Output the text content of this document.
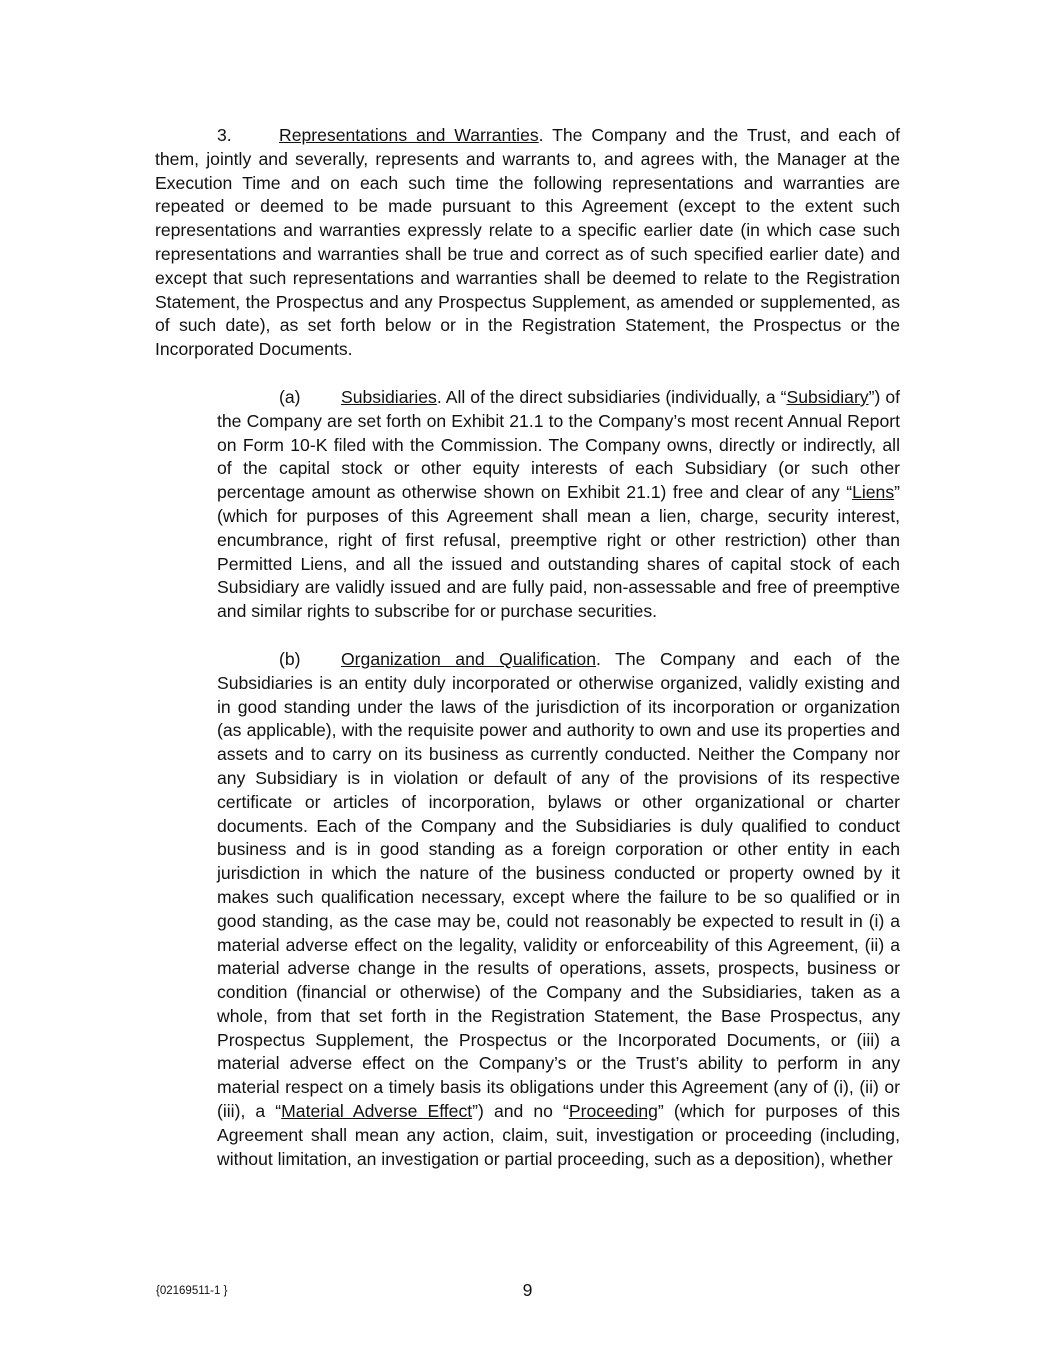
3.	Representations and Warranties. The Company and the Trust, and each of them, jointly and severally, represents and warrants to, and agrees with, the Manager at the Execution Time and on each such time the following representations and warranties are repeated or deemed to be made pursuant to this Agreement (except to the extent such representations and warranties expressly relate to a specific earlier date (in which case such representations and warranties shall be true and correct as of such specified earlier date) and except that such representations and warranties shall be deemed to relate to the Registration Statement, the Prospectus and any Prospectus Supplement, as amended or supplemented, as of such date), as set forth below or in the Registration Statement, the Prospectus or the Incorporated Documents.

(a) Subsidiaries. All of the direct subsidiaries (individually, a “Subsidiary”) of the Company are set forth on Exhibit 21.1 to the Company’s most recent Annual Report on Form 10-K filed with the Commission. The Company owns, directly or indirectly, all of the capital stock or other equity interests of each Subsidiary (or such other percentage amount as otherwise shown on Exhibit 21.1) free and clear of any “Liens” (which for purposes of this Agreement shall mean a lien, charge, security interest, encumbrance, right of first refusal, preemptive right or other restriction) other than Permitted Liens, and all the issued and outstanding shares of capital stock of each Subsidiary are validly issued and are fully paid, non-assessable and free of preemptive and similar rights to subscribe for or purchase securities.

(b) Organization and Qualification. The Company and each of the Subsidiaries is an entity duly incorporated or otherwise organized, validly existing and in good standing under the laws of the jurisdiction of its incorporation or organization (as applicable), with the requisite power and authority to own and use its properties and assets and to carry on its business as currently conducted. Neither the Company nor any Subsidiary is in violation or default of any of the provisions of its respective certificate or articles of incorporation, bylaws or other organizational or charter documents. Each of the Company and the Subsidiaries is duly qualified to conduct business and is in good standing as a foreign corporation or other entity in each jurisdiction in which the nature of the business conducted or property owned by it makes such qualification necessary, except where the failure to be so qualified or in good standing, as the case may be, could not reasonably be expected to result in (i) a material adverse effect on the legality, validity or enforceability of this Agreement, (ii) a material adverse change in the results of operations, assets, prospects, business or condition (financial or otherwise) of the Company and the Subsidiaries, taken as a whole, from that set forth in the Registration Statement, the Base Prospectus, any Prospectus Supplement, the Prospectus or the Incorporated Documents, or (iii) a material adverse effect on the Company’s or the Trust’s ability to perform in any material respect on a timely basis its obligations under this Agreement (any of (i), (ii) or (iii), a “Material Adverse Effect”) and no “Proceeding” (which for purposes of this Agreement shall mean any action, claim, suit, investigation or proceeding (including, without limitation, an investigation or partial proceeding, such as a deposition), whether

{02169511-1 }	9
